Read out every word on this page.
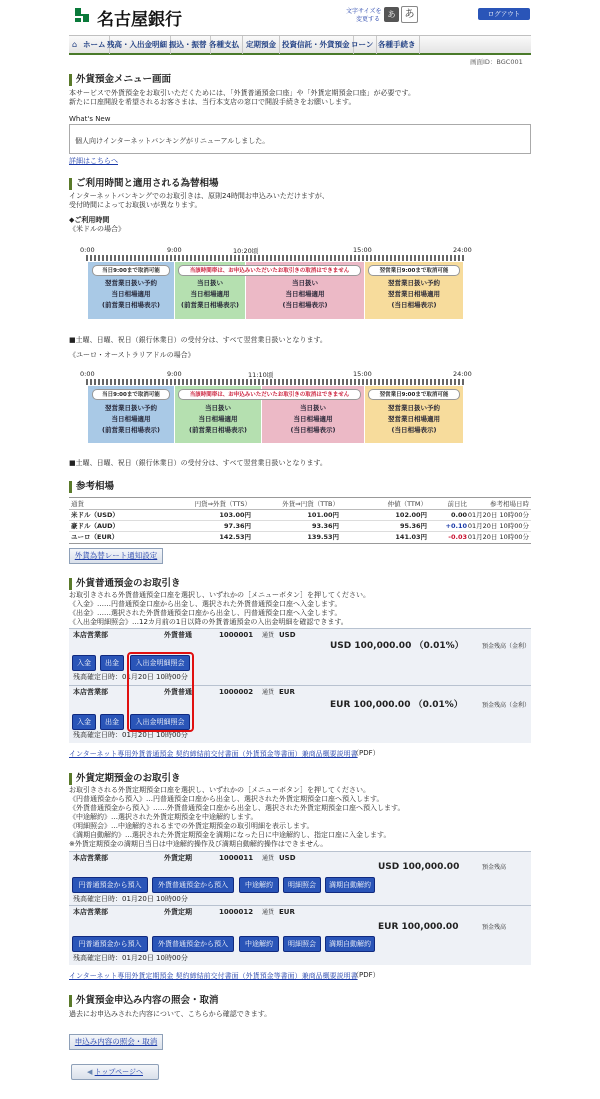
名古屋銀行	文字サイズを
変更する
あ あ	ログアウト
⌂ ホーム 残高・入出金明細 振込・振替 各種支払 定期預金 投資信託・外貨預金 ローン 各種手続き
画面ID：BGC001
外貨預金メニュー画面
本サービスで外貨預金をお取引いただくためには、「外貨普通預金口座」や「外貨定期預金口座」が必要です。
新たに口座開設を希望されるお客さまは、当行本支店の窓口で開設手続きをお願いします。
What's New
個人向けインターネットバンキングがリニューアルしました。
詳細はこちらへ
ご利用時間と適用される為替相場
インターネットバンキングでのお取引きは、原則24時間お申込みいただけますが、
受付時間によってお取扱いが異なります。
◆ご利用時間
《米ドルの場合》
0:00	9:00	10:20頃	15:00	24:00
当日9:00まで取消可能	当該時間帯は、お申込みいただいたお取引きの取消はできません	翌営業日9:00まで取消可能
翌営業日扱い予約
当日相場適用
(前営業日相場表示)
当日扱い
当日相場適用
(前営業日相場表示)
当日扱い
当日相場適用
(当日相場表示)
翌営業日扱い予約
翌営業日相場適用
(当日相場表示)
■土曜、日曜、祝日（銀行休業日）の受付分は、すべて翌営業日扱いとなります。
《ユーロ・オーストラリアドルの場合》
0:00	9:00	11:10頃	15:00	24:00
当日9:00まで取消可能	当該時間帯は、お申込みいただいたお取引きの取消はできません	翌営業日9:00まで取消可能
翌営業日扱い予約
当日相場適用
(前営業日相場表示)
当日扱い
当日相場適用
(前営業日相場表示)
当日扱い
当日相場適用
(当日相場表示)
翌営業日扱い予約
翌営業日相場適用
(当日相場表示)
■土曜、日曜、祝日（銀行休業日）の受付分は、すべて翌営業日扱いとなります。
参考相場
通貨	円貨⇒外貨（TTS）	外貨⇒円貨（TTB）	仲値（TTM）	前日比	参考相場日時
米ドル（USD）	103.00円	101.00円	102.00円	0.00 01月20日 10時00分
豪ドル（AUD）	97.36円	93.36円	95.36円	+0.10 01月20日 10時00分
ユーロ（EUR）	142.53円	139.53円	141.03円	-0.03 01月20日 10時00分
外貨為替レート通知設定
外貨普通預金のお取引き
お取引きされる外貨普通預金口座を選択し、いずれかの［メニューボタン］を押してください。
《入金》……円普通預金口座から出金し、選択された外貨普通預金口座へ入金します。
《出金》……選択された外貨普通預金口座から出金し、円普通預金口座へ入金します。
《入出金明細照会》…12カ月前の1日以降の外貨普通預金の入出金明細を確認できます。
本店営業部	外貨普通	1000001 通貨 USD
USD 100,000.00 （0.01%）	預金残高（金利）
入金	出金	入出金明細照会
残高確定日時：01月20日 10時00分
本店営業部	外貨普通	1000002 通貨 EUR
EUR 100,000.00 （0.01%）	預金残高（金利）
入金	出金	入出金明細照会
残高確定日時：01月20日 10時00分
インターネット専用外貨普通預金 契約締結前交付書面（外貨預金等書面）兼商品概要説明書
（PDF）
外貨定期預金のお取引き
お取引きされる外貨定期預金口座を選択し、いずれかの［メニューボタン］を押してください。
《円普通預金から預入》…円普通預金口座から出金し、選択された外貨定期預金口座へ預入します。
《外貨普通預金から預入》……外貨普通預金口座から出金し、選択された外貨定期預金口座へ預入します。
《中途解約》…選択された外貨定期預金を中途解約します。
《明細照会》…中途解約されるまでの外貨定期預金の取引明細を表示します。
《満期自動解約》…選択された外貨定期預金を満期になった日に中途解約し、指定口座に入金します。
※外貨定期預金の満期日当日は中途解約操作及び満期自動解約操作はできません。
本店営業部	外貨定期	1000011 通貨 USD
USD 100,000.00	預金残高
円普通預金から預入	外貨普通預金から預入	中途解約	明細照会	満期自動解約
残高確定日時：01月20日 10時00分
本店営業部	外貨定期	1000012 通貨 EUR
EUR 100,000.00	預金残高
円普通預金から預入	外貨普通預金から預入	中途解約	明細照会	満期自動解約
残高確定日時：01月20日 10時00分
インターネット専用外貨定期預金 契約締結前交付書面（外貨預金等書面）兼商品概要説明書
（PDF）
外貨預金申込み内容の照会・取消
過去にお申込みされた内容について、こちらから確認できます。
申込み内容の照会・取消
◀ トップページへ
